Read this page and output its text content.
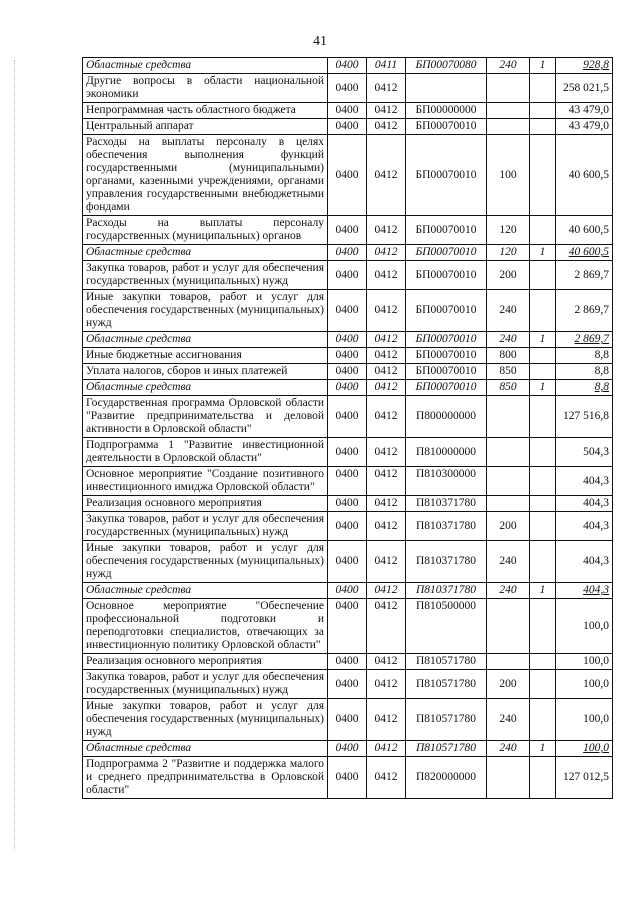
41
Областные средства	0400	0411	БП00070080	240	1	928,8
Другие вопросы в области национальной экономики	0400	0412				258 021,5
Непрограммная часть областного бюджета	0400	0412	БП00000000			43 479,0
Центральный аппарат	0400	0412	БП00070010			43 479,0
Расходы на выплаты персоналу в целях обеспечения выполнения функций государственными (муниципальными) органами, казенными учреждениями, органами управления государственными внебюджетными фондами	0400	0412	БП00070010	100		40 600,5
Расходы на выплаты персоналу государственных (муниципальных) органов	0400	0412	БП00070010	120		40 600,5
Областные средства	0400	0412	БП00070010	120	1	40 600,5
Закупка товаров, работ и услуг для обеспечения государственных (муниципальных) нужд	0400	0412	БП00070010	200		2 869,7
Иные закупки товаров, работ и услуг для обеспечения государственных (муниципальных) нужд	0400	0412	БП00070010	240		2 869,7
Областные средства	0400	0412	БП00070010	240	1	2 869,7
Иные бюджетные ассигнования	0400	0412	БП00070010	800		8,8
Уплата налогов, сборов и иных платежей	0400	0412	БП00070010	850		8,8
Областные средства	0400	0412	БП00070010	850	1	8,8
Государственная программа Орловской области "Развитие предпринимательства и деловой активности в Орловской области"	0400	0412	П800000000			127 516,8
Подпрограмма 1 "Развитие инвестиционной деятельности в Орловской области"	0400	0412	П810000000			504,3
Основное мероприятие "Создание позитивного инвестиционного имиджа Орловской области"	0400	0412	П810300000			404,3
Реализация основного мероприятия	0400	0412	П810371780			404,3
Закупка товаров, работ и услуг для обеспечения государственных (муниципальных) нужд	0400	0412	П810371780	200		404,3
Иные закупки товаров, работ и услуг для обеспечения государственных (муниципальных) нужд	0400	0412	П810371780	240		404,3
Областные средства	0400	0412	П810371780	240	1	404,3
Основное мероприятие "Обеспечение профессиональной подготовки и переподготовки специалистов, отвечающих за инвестиционную политику Орловской области"	0400	0412	П810500000			100,0
Реализация основного мероприятия	0400	0412	П810571780			100,0
Закупка товаров, работ и услуг для обеспечения государственных (муниципальных) нужд	0400	0412	П810571780	200		100,0
Иные закупки товаров, работ и услуг для обеспечения государственных (муниципальных) нужд	0400	0412	П810571780	240		100,0
Областные средства	0400	0412	П810571780	240	1	100,0
Подпрограмма 2 "Развитие и поддержка малого и среднего предпринимательства в Орловской области"	0400	0412	П820000000			127 012,5
